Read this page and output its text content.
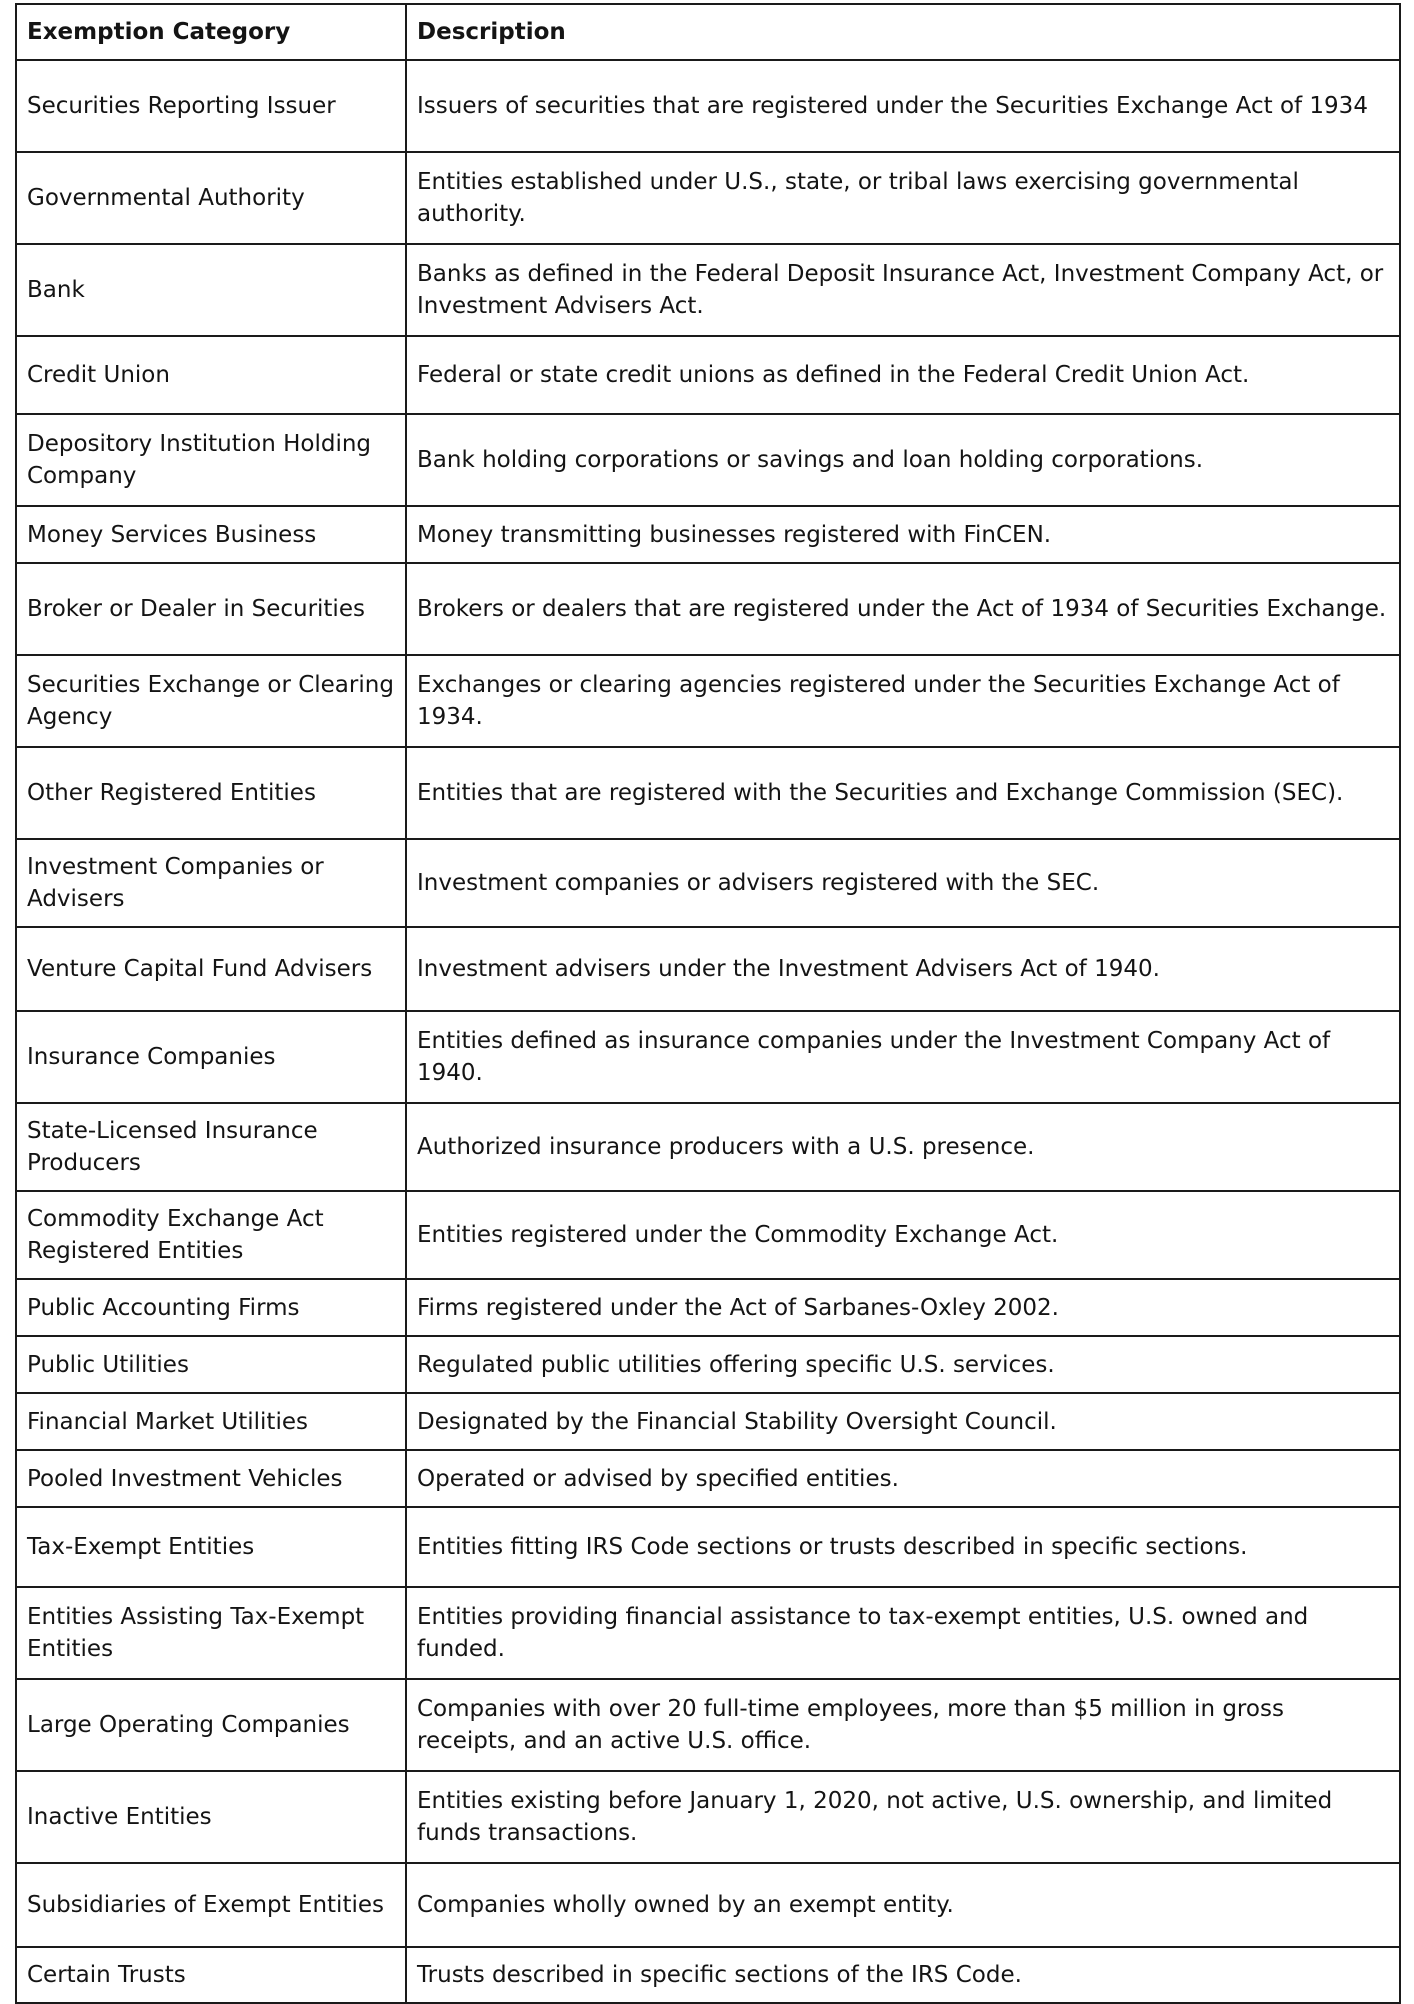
Exemption Category	Description
Securities Reporting Issuer	Issuers of securities that are registered under the Securities Exchange Act of 1934
Governmental Authority	Entities established under U.S., state, or tribal laws exercising governmental authority.
Bank	Banks as defined in the Federal Deposit Insurance Act, Investment Company Act, or Investment Advisers Act.
Credit Union	Federal or state credit unions as defined in the Federal Credit Union Act.
Depository Institution Holding Company	Bank holding corporations or savings and loan holding corporations.
Money Services Business	Money transmitting businesses registered with FinCEN.
Broker or Dealer in Securities	Brokers or dealers that are registered under the Act of 1934 of Securities Exchange.
Securities Exchange or Clearing Agency	Exchanges or clearing agencies registered under the Securities Exchange Act of 1934.
Other Registered Entities	Entities that are registered with the Securities and Exchange Commission (SEC).
Investment Companies or Advisers	Investment companies or advisers registered with the SEC.
Venture Capital Fund Advisers	Investment advisers under the Investment Advisers Act of 1940.
Insurance Companies	Entities defined as insurance companies under the Investment Company Act of 1940.
State-Licensed Insurance Producers	Authorized insurance producers with a U.S. presence.
Commodity Exchange Act Registered Entities	Entities registered under the Commodity Exchange Act.
Public Accounting Firms	Firms registered under the Act of Sarbanes-Oxley 2002.
Public Utilities	Regulated public utilities offering specific U.S. services.
Financial Market Utilities	Designated by the Financial Stability Oversight Council.
Pooled Investment Vehicles	Operated or advised by specified entities.
Tax-Exempt Entities	Entities fitting IRS Code sections or trusts described in specific sections.
Entities Assisting Tax-Exempt Entities	Entities providing financial assistance to tax-exempt entities, U.S. owned and funded.
Large Operating Companies	Companies with over 20 full-time employees, more than $5 million in gross receipts, and an active U.S. office.
Inactive Entities	Entities existing before January 1, 2020, not active, U.S. ownership, and limited funds transactions.
Subsidiaries of Exempt Entities	Companies wholly owned by an exempt entity.
Certain Trusts	Trusts described in specific sections of the IRS Code.
